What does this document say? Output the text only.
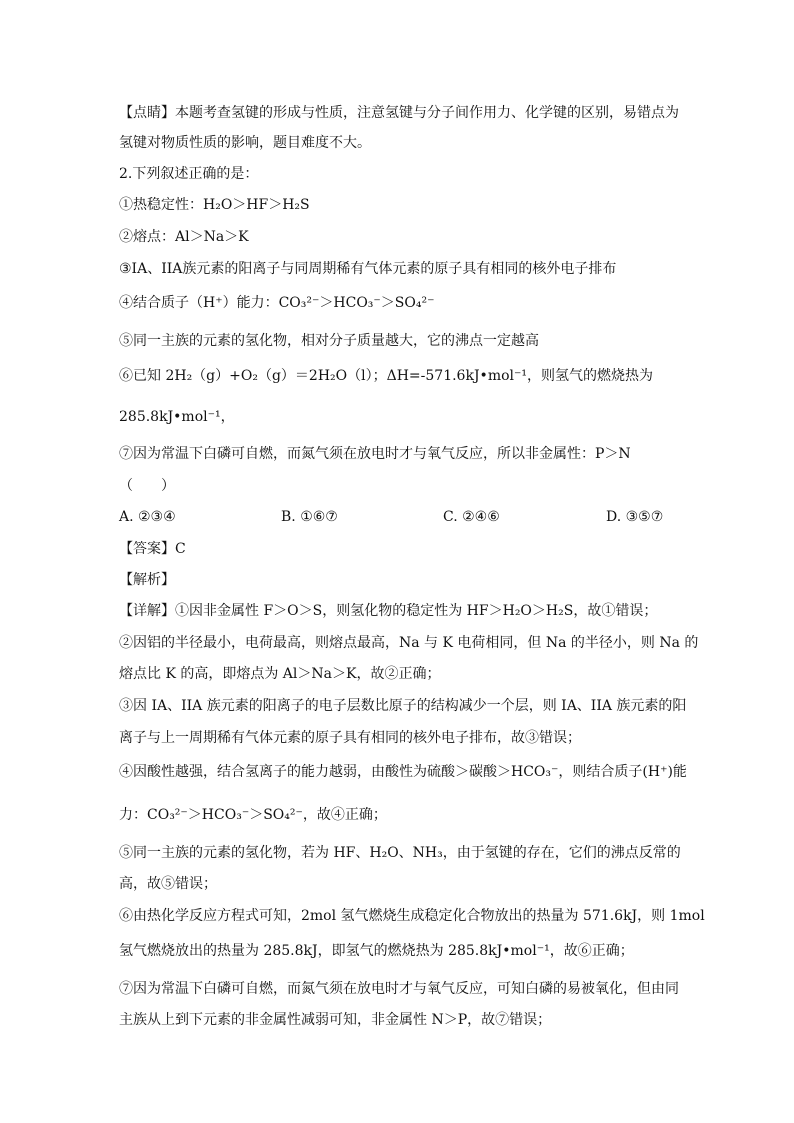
【点睛】本题考查氢键的形成与性质，注意氢键与分子间作用力、化学键的区别，易错点为
氢键对物质性质的影响，题目难度不大。
2.下列叙述正确的是：
①热稳定性：H₂O＞HF＞H₂S
②熔点：Al＞Na＞K
③IA、IIA族元素的阳离子与同周期稀有气体元素的原子具有相同的核外电子排布
④结合质子（H⁺）能力：CO₃²⁻＞HCO₃⁻＞SO₄²⁻
⑤同一主族的元素的氢化物，相对分子质量越大，它的沸点一定越高
⑥已知 2H₂（g）+O₂（g）＝2H₂O（l）；ΔH=-571.6kJ•mol⁻¹，则氢气的燃烧热为
285.8kJ•mol⁻¹，
⑦因为常温下白磷可自燃，而氮气须在放电时才与氧气反应，所以非金属性：P＞N
（　　）
【答案】C
【解析】
【详解】①因非金属性 F＞O＞S，则氢化物的稳定性为 HF＞H₂O＞H₂S，故①错误；
②因铝的半径最小，电荷最高，则熔点最高，Na 与 K 电荷相同，但 Na 的半径小，则 Na 的
熔点比 K 的高，即熔点为 Al＞Na＞K，故②正确；
③因 IA、IIA 族元素的阳离子的电子层数比原子的结构减少一个层，则 IA、IIA 族元素的阳
离子与上一周期稀有气体元素的原子具有相同的核外电子排布，故③错误；
④因酸性越强，结合氢离子的能力越弱，由酸性为硫酸＞碳酸＞HCO₃⁻，则结合质子(H⁺)能
力：CO₃²⁻＞HCO₃⁻＞SO₄²⁻，故④正确；
⑤同一主族的元素的氢化物，若为 HF、H₂O、NH₃，由于氢键的存在，它们的沸点反常的
高，故⑤错误；
⑥由热化学反应方程式可知，2mol 氢气燃烧生成稳定化合物放出的热量为 571.6kJ，则 1mol
氢气燃烧放出的热量为 285.8kJ，即氢气的燃烧热为 285.8kJ•mol⁻¹，故⑥正确；
⑦因为常温下白磷可自燃，而氮气须在放电时才与氧气反应，可知白磷的易被氧化，但由同
主族从上到下元素的非金属性减弱可知，非金属性 N＞P，故⑦错误；
A. ②③④	B. ①⑥⑦	C. ②④⑥	D. ③⑤⑦
